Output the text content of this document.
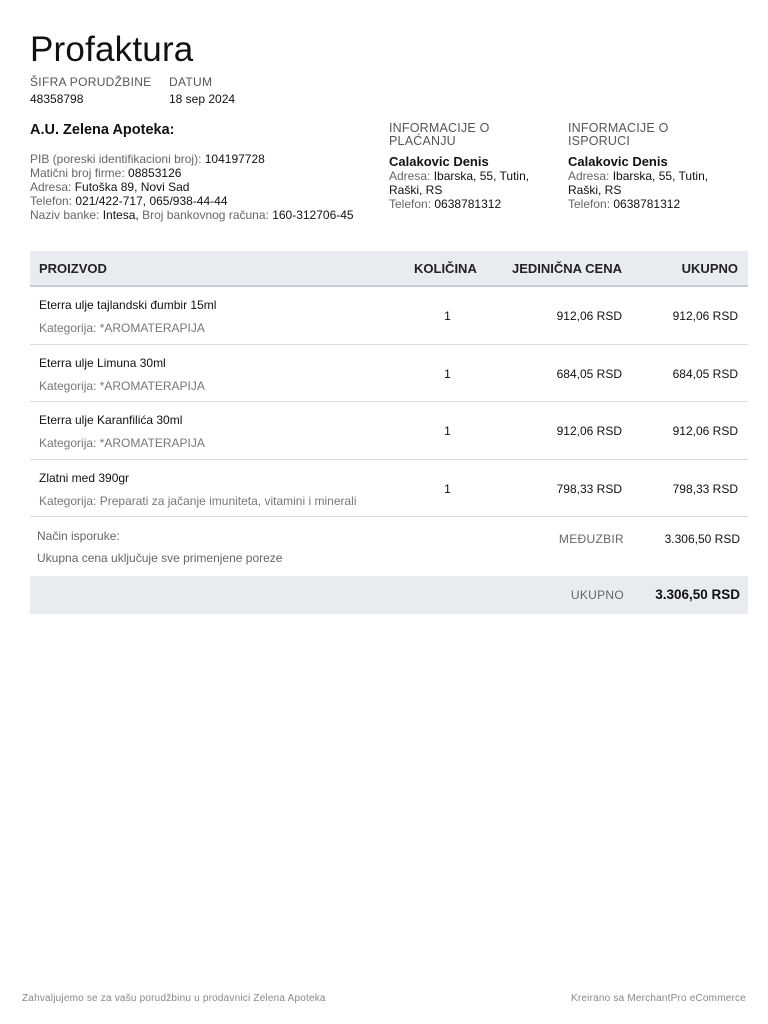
Profaktura
ŠIFRA PORUDŽBINE
48358798
DATUM
18 sep 2024
A.U. Zelena Apoteka:
PIB (poreski identifikacioni broj): 104197728
Matični broj firme: 08853126
Adresa: Futoška 89, Novi Sad
Telefon: 021/422-717, 065/938-44-44
Naziv banke: Intesa, Broj bankovnog računa: 160-312706-45
INFORMACIJE O
PLAĆANJU
Calakovic Denis
Adresa: Ibarska, 55, Tutin,
Raški, RS
Telefon: 0638781312
INFORMACIJE O
ISPORUCI
Calakovic Denis
Adresa: Ibarska, 55, Tutin,
Raški, RS
Telefon: 0638781312
PROIZVOD	KOLIČINA	JEDINIČNA CENA	UKUPNO
Eterra ulje tajlandski đumbir 15ml
Kategorija: *AROMATERAPIJA
1	912,06 RSD	912,06 RSD
Eterra ulje Limuna 30ml
Kategorija: *AROMATERAPIJA
1	684,05 RSD	684,05 RSD
Eterra ulje Karanfilića 30ml
Kategorija: *AROMATERAPIJA
1	912,06 RSD	912,06 RSD
Zlatni med 390gr
Kategorija: Preparati za jačanje imuniteta, vitamini i minerali
1	798,33 RSD	798,33 RSD
Način isporuke:
Ukupna cena uključuje sve primenjene poreze
MEĐUZBIR	3.306,50 RSD
UKUPNO 3.306,50 RSD
Zahvaljujemo se za vašu porudžbinu u prodavnici Zelena Apoteka	Kreirano sa MerchantPro eCommerce
